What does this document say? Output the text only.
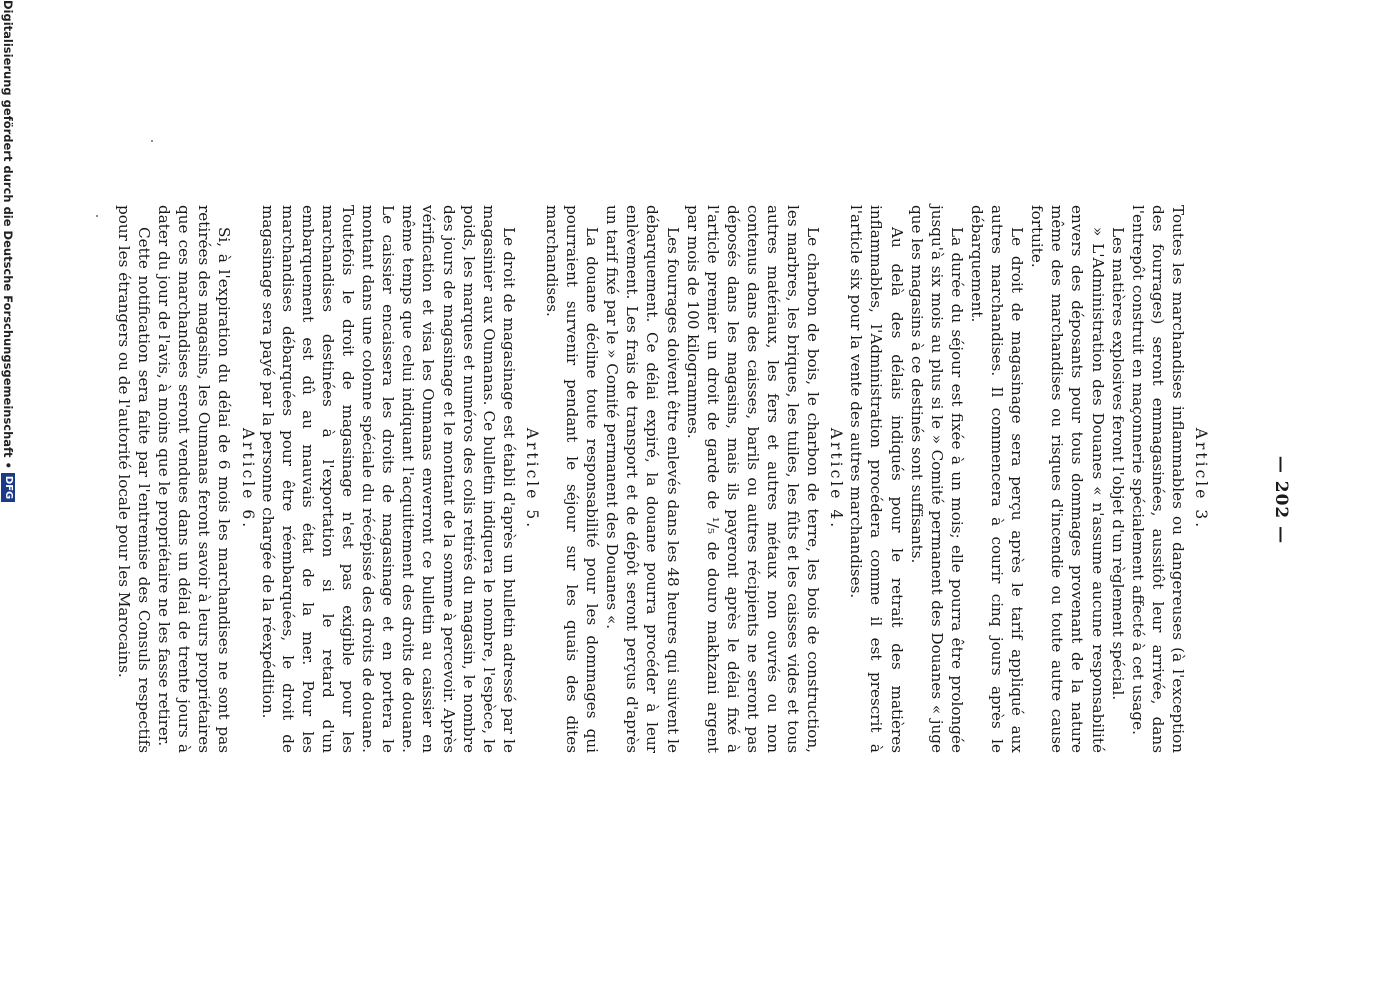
— 202 —
Article 3.

Toutes les marchandises inflammables ou dangereuses (à l'exception des fourrages) seront emmagasinées, aussitôt leur arrivée, dans l'entrepôt construit en maçonnerie spécialement affecté à cet usage.

Les matières explosives feront l'objet d'un règlement spécial.

» L'Administration des Douanes « n'assume aucune responsabilité envers des déposants pour tous dommages provenant de la nature même des marchandises ou risques d'incendie ou toute autre cause fortuite.

Le droit de magasinage sera perçu après le tarif appliqué aux autres marchandises. Il commencera à courir cinq jours après le débarquement.

La durée du séjour est fixée à un mois; elle pourra être prolongée jusqu'à six mois au plus si le » Comité permanent des Douanes « juge que les magasins à ce destinés sont suffisants.

Au delà des délais indiqués pour le retrait des matières inflammables, l'Administration procédera comme il est prescrit à l'article six pour la vente des autres marchandises.

Article 4.

Le charbon de bois, le charbon de terre, les bois de construction, les marbres, les briques, les tuiles, les fûts et les caisses vides et tous autres matériaux, les fers et autres métaux non ouvrés ou non contenus dans des caisses, barils ou autres récipients ne seront pas déposés dans les magasins, mais ils payeront après le délai fixé à l'article premier un droit de garde de ¹/₅ de douro makhzani argent par mois de 100 kilogrammes.

Les fourrages doivent être enlevés dans les 48 heures qui suivent le débarquement. Ce délai expiré, la douane pourra procéder à leur enlèvement. Les frais de transport et de dépôt seront perçus d'après un tarif fixé par le » Comité permanent des Douanes «.

La douane décline toute responsabilité pour les dommages qui pourraient survenir pendant le séjour sur les quais des dites marchandises.

Article 5.

Le droit de magasinage est établi d'après un bulletin adressé par le magasinier aux Oumanas. Ce bulletin indiquera le nombre, l'espèce, le poids, les marques et numéros des colis retirés du magasin, le nombre des jours de magasinage et le montant de la somme à percevoir. Après vérification et visa les Oumanas enverront ce bulletin au caissier en même temps que celui indiquant l'acquittement des droits de douane. Le caissier encaissera les droits de magasinage et en portera le montant dans une colonne spéciale du récépissé des droits de douane. Toutefois le droit de magasinage n'est pas exigible pour les marchandises destinées à l'exportation si le retard d'un embarquement est dû au mauvais état de la mer. Pour les marchandises débarquées pour être réembarquées, le droit de magasinage sera payé par la personne chargée de la réexpédition.

Article 6.

Si, à l'expiration du délai de 6 mois les marchandises ne sont pas retirées des magasins, les Oumanas feront savoir à leurs propriétaires que ces marchandises seront vendues dans un délai de trente jours à dater du jour de l'avis, à moins que le propriétaire ne les fasse retirer.

Cette notification sera faite par l'entremise des Consuls respectifs pour les étrangers ou de l'autorité locale pour les Marocains.

Digitalisierung gefördert durch die Deutsche Forschungsgemeinschaft
•
DFG
